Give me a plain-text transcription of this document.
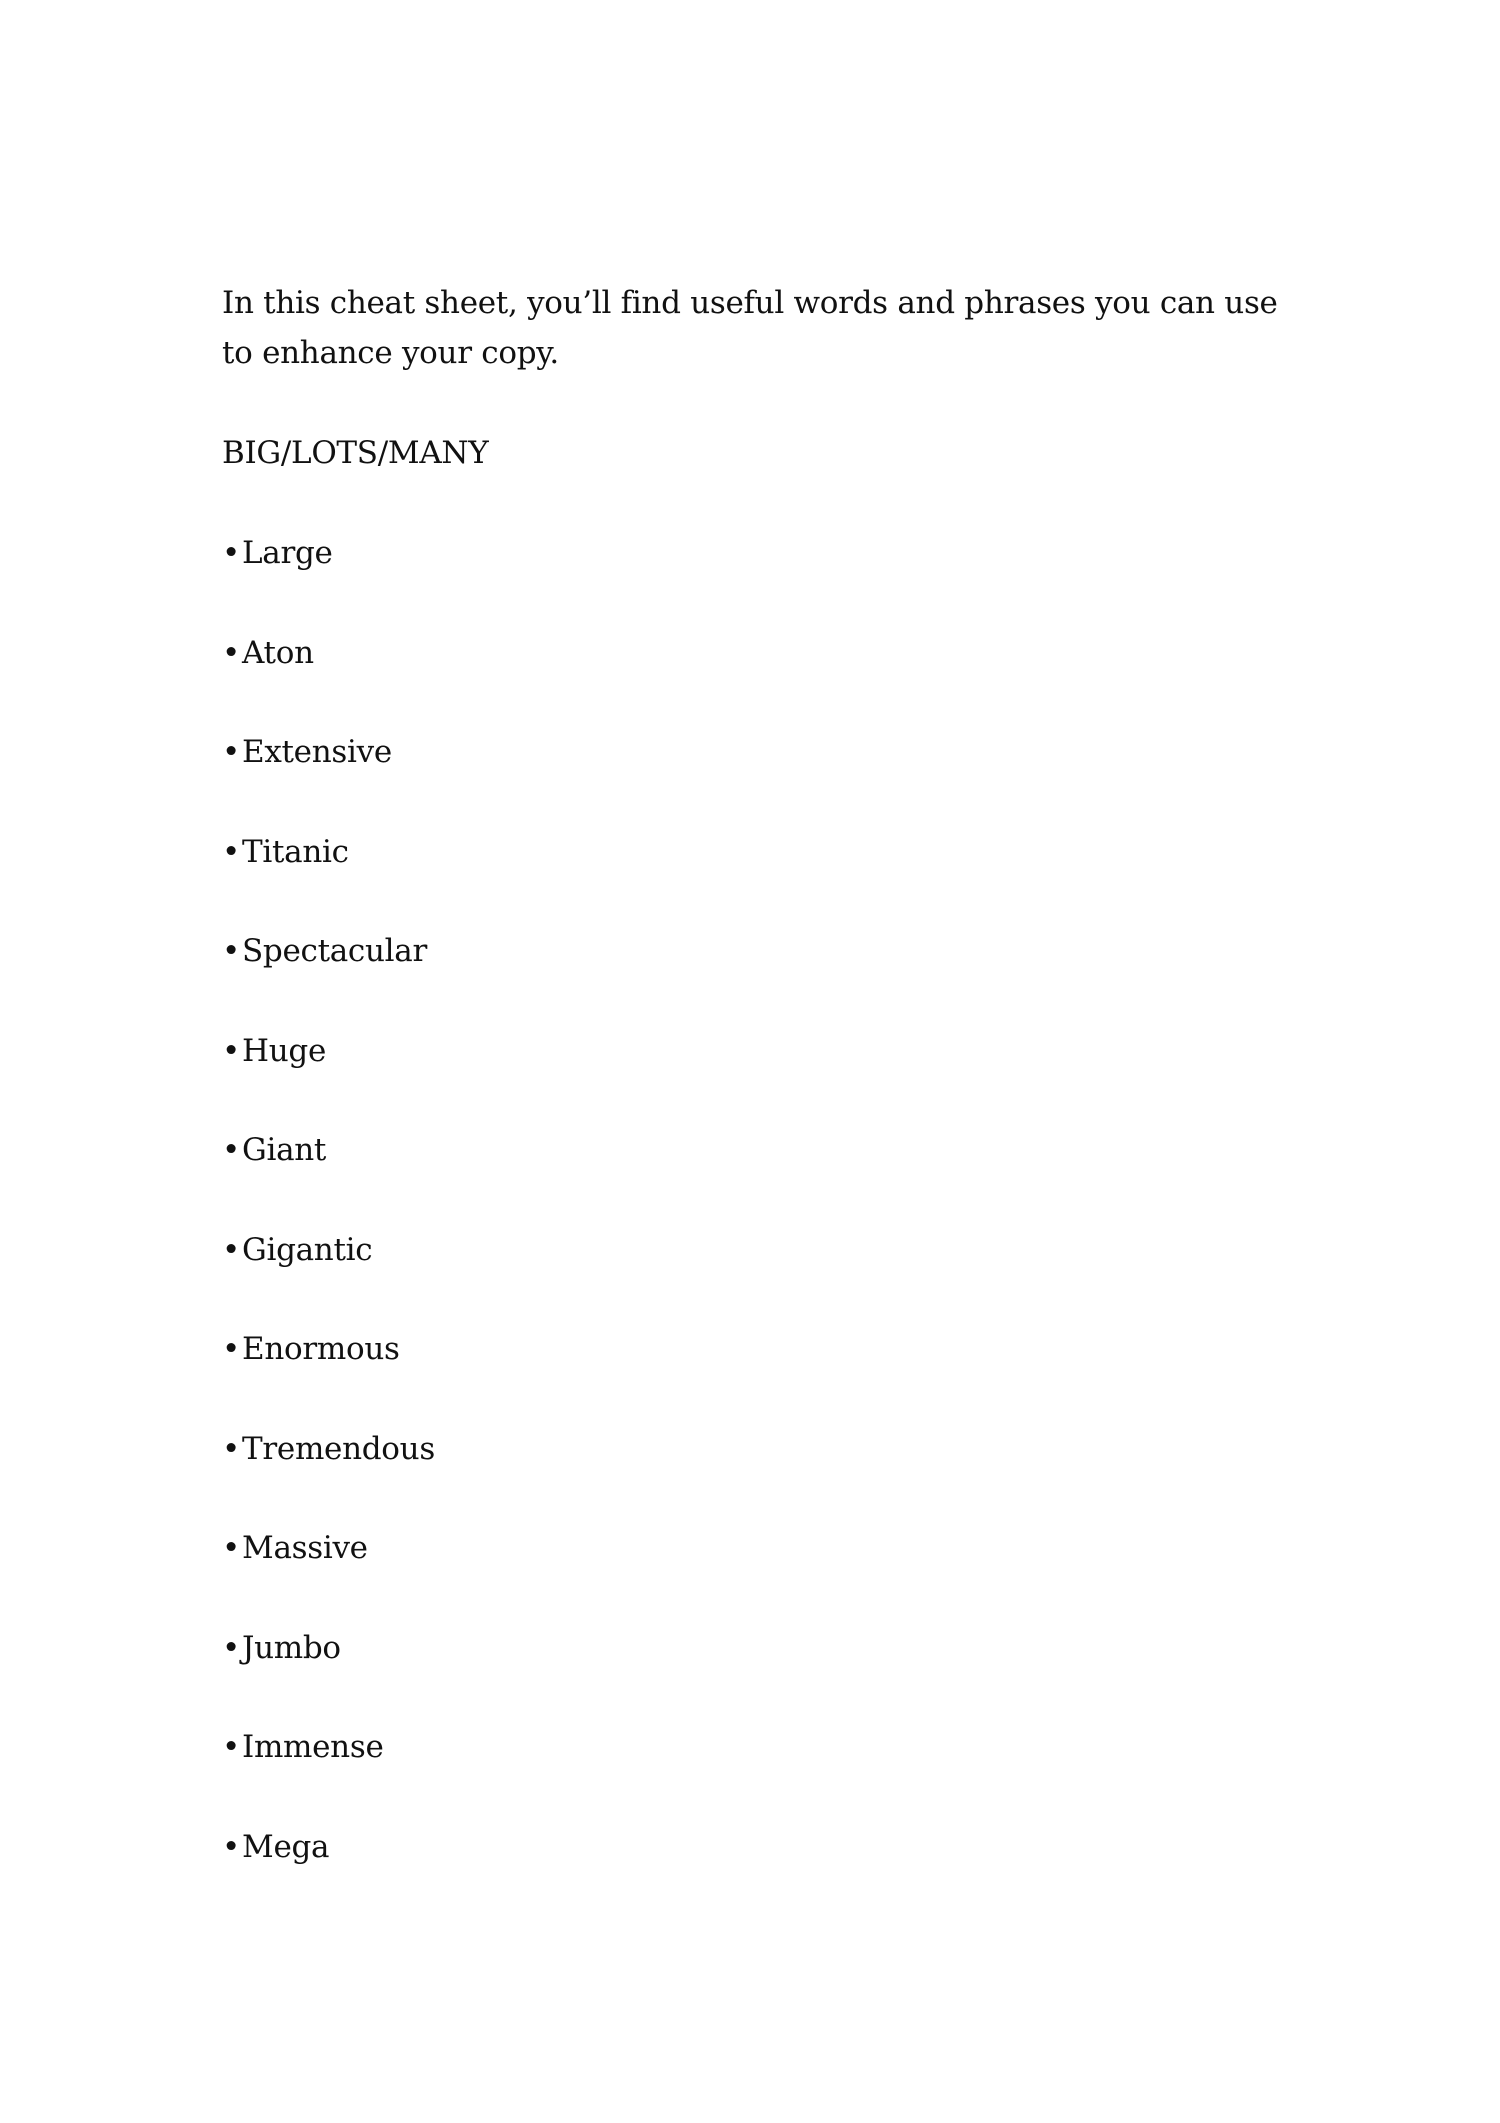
In this cheat sheet, you’ll find useful words and phrases you can use to enhance your copy.

BIG/LOTS/MANY
• Large
• Aton
• Extensive
• Titanic
• Spectacular
• Huge
• Giant
• Gigantic
• Enormous
• Tremendous
• Massive
• Jumbo
• Immense
• Mega
